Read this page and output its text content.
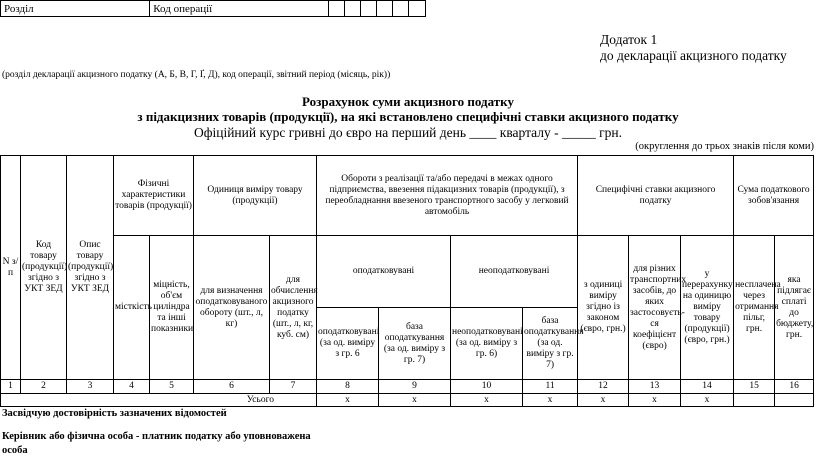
Розділ	Код операції
Додаток 1
до декларації акцизного податку
(розділ декларації акцизного податку (А, Б, В, Г, Ґ, Д), код операції, звітний період (місяць, рік))
Розрахунок суми акцизного податку
з підакцизних товарів (продукції), на які встановлено специфічні ставки акцизного податку
Офіційний курс гривні до євро на перший день ____ кварталу - _____ грн.
(округлення до трьох знаків після коми)
N з/п	Код товару (продукції) згідно з УКТ ЗЕД	Опис товару (продукції) згідно з УКТ ЗЕД	Фізичні характеристики товарів (продукції)		Одиниця виміру товару (продукції)		Обороти з реалізації та/або передачі в межах одного підприємства, ввезення підакцизних товарів (продукції), з переобладнання ввезеного транспортного засобу у легковий автомобіль				Специфічні ставки акцизного податку			Сума податкового зобов'язання	
			місткість	міцність, об'єм циліндра та інші показники	для визначення оподатковуваного обороту (шт., л, кг)	для обчислення акцизного податку (шт., л, кг, куб. см)	оподатковувані		неоподатковувані		з одиниці виміру згідно із законом (євро, грн.)	для різних транспортних засобів, до яких застосовуєть-ся коефіцієнт (євро)	у перерахунку на одиницю виміру товару (продукції) (євро, грн.)	несплачена через отримання пільг, грн.	яка підлягає сплаті до бюджету, грн.
							оподатковувані (за од. виміру з гр. 6	база оподаткування (за од. виміру з гр. 7)	неоподатковувані (за од. виміру з гр. 6)	база оподаткування (за од. виміру з гр. 7)					
1	2	3	4	5	6	7	8	9	10	11	12	13	14	15	16
Усього							x	x	x	x	x	x	x		
Засвідчую достовірність зазначених відомостей
Керівник або фізична особа - платник податку або уповноважена особа
